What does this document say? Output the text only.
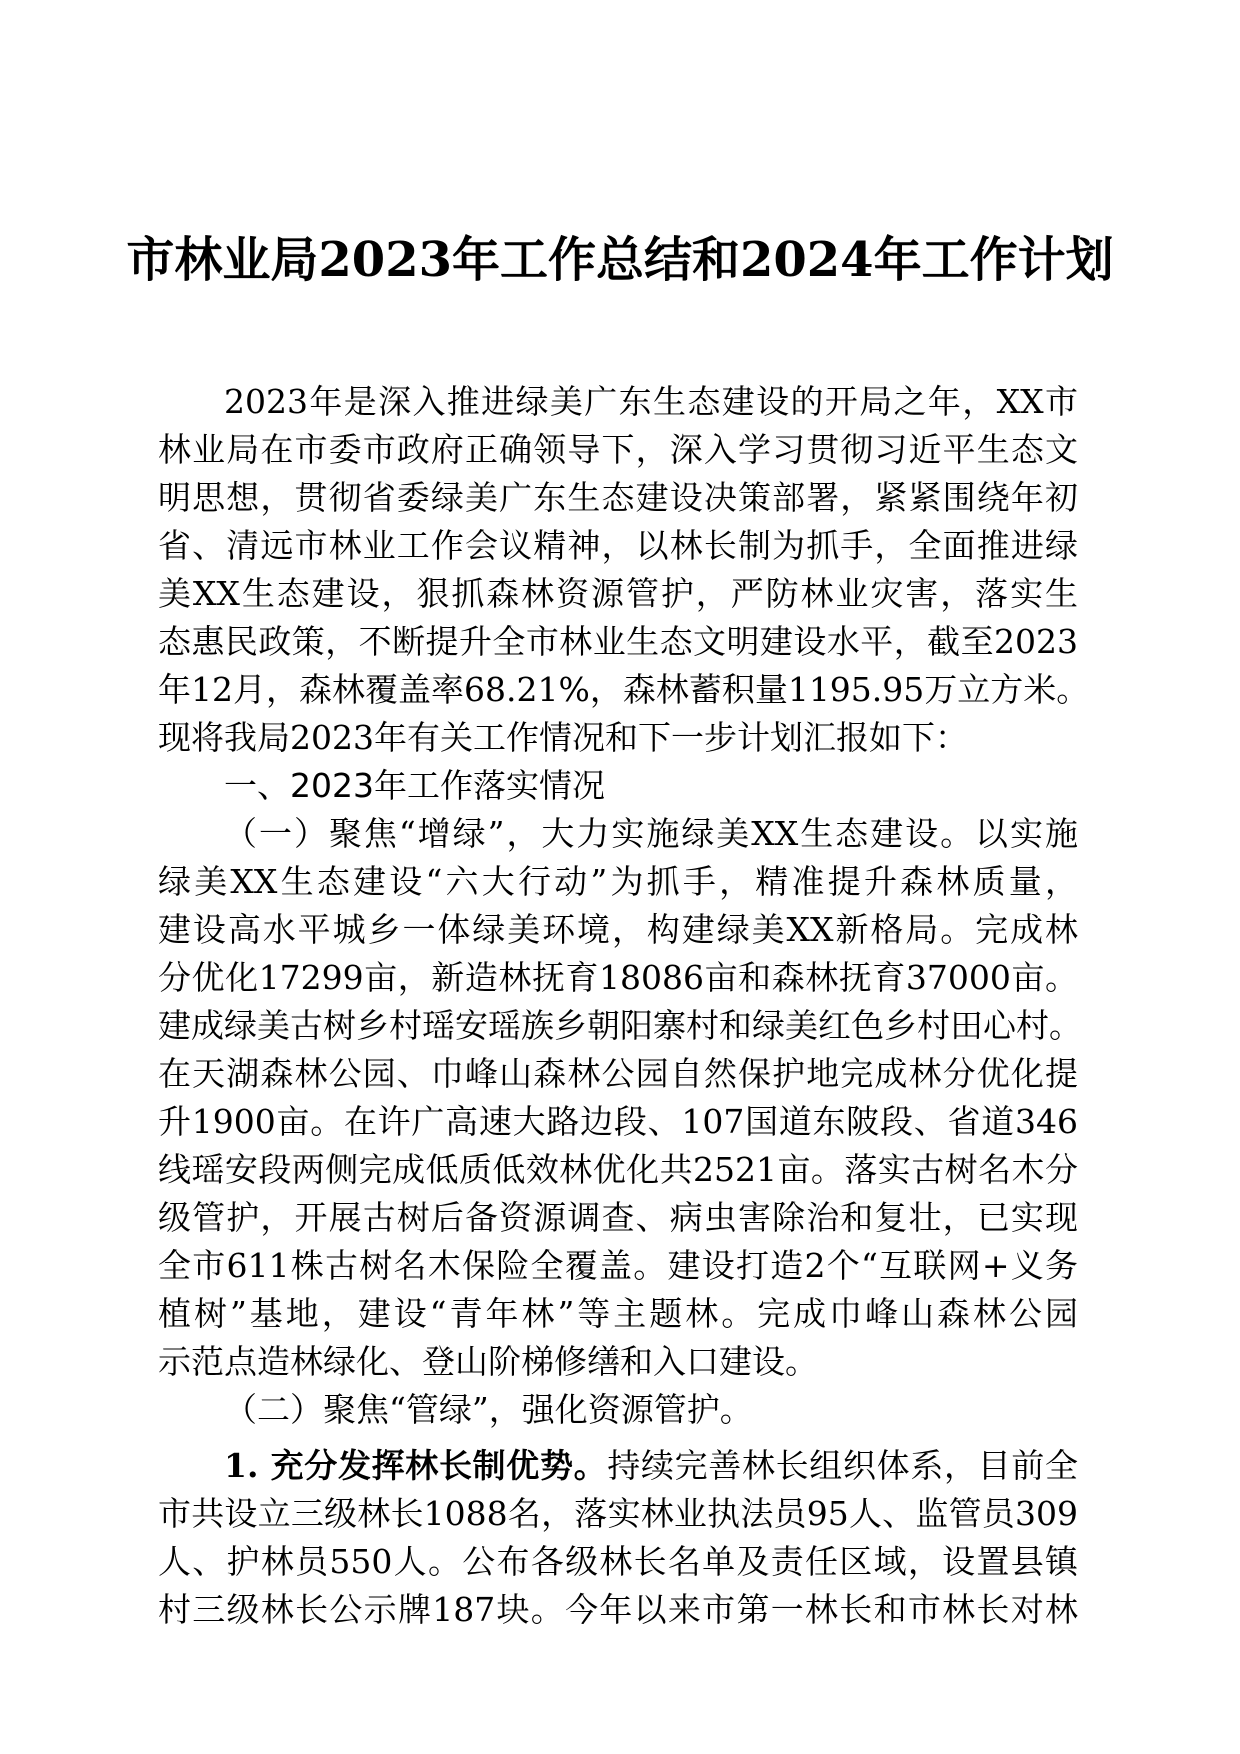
市林业局2023年工作总结和2024年工作计划
2023年是深入推进绿美广东生态建设的开局之年，XX市
林业局在市委市政府正确领导下，深入学习贯彻习近平生态文
明思想，贯彻省委绿美广东生态建设决策部署，紧紧围绕年初
省、清远市林业工作会议精神，以林长制为抓手，全面推进绿
美XX生态建设，狠抓森林资源管护，严防林业灾害，落实生
态惠民政策，不断提升全市林业生态文明建设水平，截至2023
年12月，森林覆盖率68.21%，森林蓄积量1195.95万立方米。
现将我局2023年有关工作情况和下一步计划汇报如下：
一、2023年工作落实情况
（一）聚焦“增绿”，大力实施绿美XX生态建设。以实施
绿美XX生态建设“六大行动”为抓手，精准提升森林质量，
建设高水平城乡一体绿美环境，构建绿美XX新格局。完成林
分优化17299亩，新造林抚育18086亩和森林抚育37000亩。
建成绿美古树乡村瑶安瑶族乡朝阳寨村和绿美红色乡村田心村。
在天湖森林公园、巾峰山森林公园自然保护地完成林分优化提
升1900亩。在许广高速大路边段、107国道东陂段、省道346
线瑶安段两侧完成低质低效林优化共2521亩。落实古树名木分
级管护，开展古树后备资源调查、病虫害除治和复壮，已实现
全市611株古树名木保险全覆盖。建设打造2个“互联网+义务
植树”基地，建设“青年林”等主题林。完成巾峰山森林公园
示范点造林绿化、登山阶梯修缮和入口建设。
（二）聚焦“管绿”，强化资源管护。
1. 充分发挥林长制优势。持续完善林长组织体系，目前全
市共设立三级林长1088名，落实林业执法员95人、监管员309
人、护林员550人。公布各级林长名单及责任区域，设置县镇
村三级林长公示牌187块。今年以来市第一林长和市林长对林
